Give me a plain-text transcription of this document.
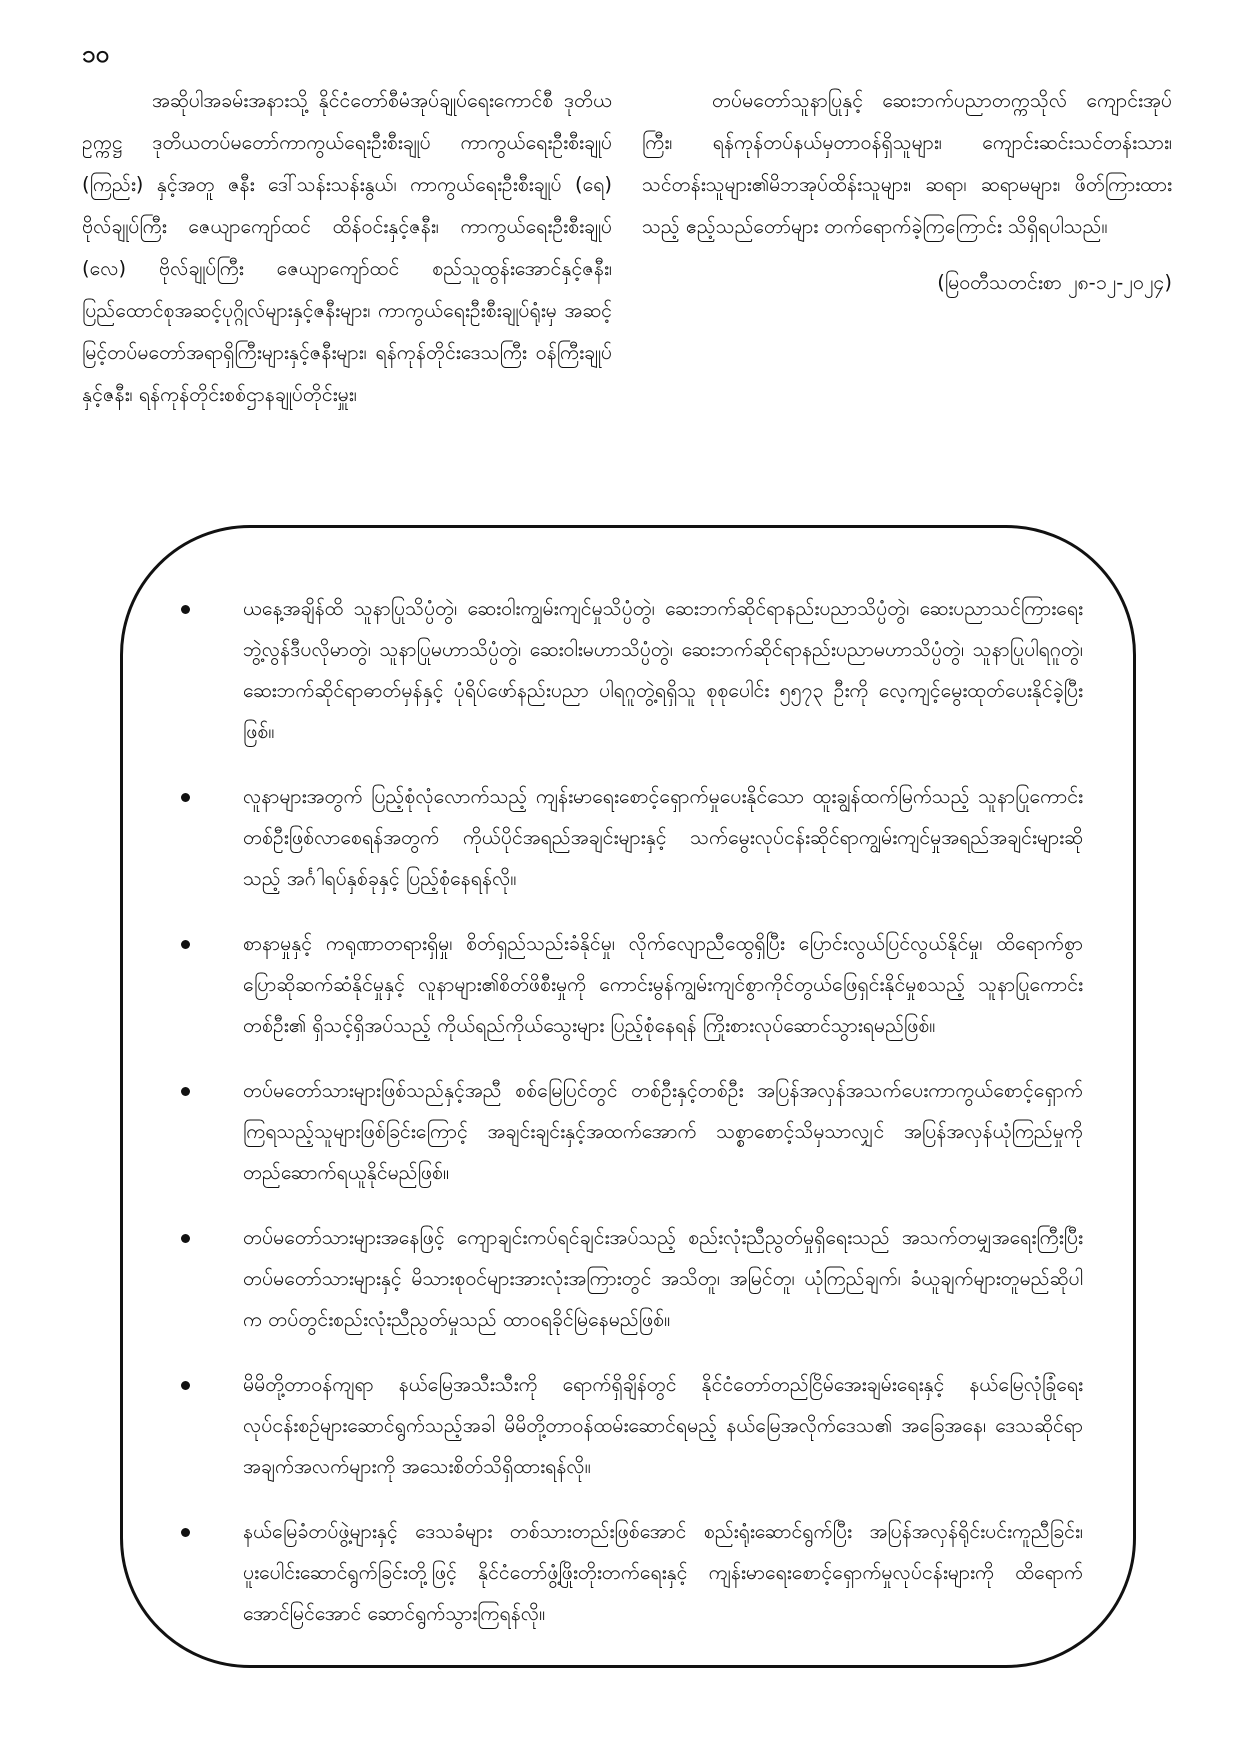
၁၀

အဆိုပါအခမ်းအနားသို့ နိုင်ငံတော်စီမံအုပ်ချုပ်ရေးကောင်စီ ဒုတိယဥက္ကဋ္ဌ ဒုတိယတပ်မတော်ကာကွယ်ရေးဦးစီးချုပ် ကာကွယ်ရေးဦးစီးချုပ် (ကြည်း) နှင့်အတူ ဇနီး ဒေါ်သန်းသန်းနွယ်၊ ကာကွယ်ရေးဦးစီးချုပ် (ရေ) ဗိုလ်ချုပ်ကြီး ဇေယျာကျော်ထင် ထိန်ဝင်းနှင့်ဇနီး၊ ကာကွယ်ရေးဦးစီးချုပ် (လေ) ဗိုလ်ချုပ်ကြီး ဇေယျာကျော်ထင် စည်သူထွန်းအောင်နှင့်ဇနီး၊ ပြည်ထောင်စုအဆင့်ပုဂ္ဂိုလ်များနှင့်ဇနီးများ၊ ကာကွယ်ရေးဦးစီးချုပ်ရုံးမှ အဆင့်မြင့်တပ်မတော်အရာရှိကြီးများနှင့်ဇနီးများ၊ ရန်ကုန်တိုင်းဒေသကြီး ဝန်ကြီးချုပ်နှင့်ဇနီး၊ ရန်ကုန်တိုင်းစစ်ဌာနချုပ်တိုင်းမှူး၊

တပ်မတော်သူနာပြုနှင့် ဆေးဘက်ပညာတက္ကသိုလ် ကျောင်းအုပ်ကြီး၊ ရန်ကုန်တပ်နယ်မှတာဝန်ရှိသူများ၊ ကျောင်းဆင်းသင်တန်းသား၊ သင်တန်းသူများ၏မိဘအုပ်ထိန်းသူများ၊ ဆရာ၊ ဆရာမများ၊ ဖိတ်ကြားထားသည့် ဧည့်သည်တော်များ တက်ရောက်ခဲ့ကြကြောင်း သိရှိရပါသည်။

(မြဝတီသတင်းစာ ၂၈-၁၂-၂၀၂၄)

ယနေ့အချိန်ထိ သူနာပြုသိပ္ပံတွဲ၊ ဆေးဝါးကျွမ်းကျင်မှုသိပ္ပံတွဲ၊ ဆေးဘက်ဆိုင်ရာနည်းပညာသိပ္ပံတွဲ၊ ဆေးပညာသင်ကြားရေး ဘွဲ့လွန်ဒီပလိုမာတွဲ၊ သူနာပြုမဟာသိပ္ပံတွဲ၊ ဆေးဝါးမဟာသိပ္ပံတွဲ၊ ဆေးဘက်ဆိုင်ရာနည်းပညာမဟာသိပ္ပံတွဲ၊ သူနာပြုပါရဂူတွဲ၊ ဆေးဘက်ဆိုင်ရာဓာတ်မှန်နှင့် ပုံရိပ်ဖော်နည်းပညာ ပါရဂူတွဲ့ရရှိသူ စုစုပေါင်း ၅၅၇၃ ဦးကို လေ့ကျင့်မွေးထုတ်ပေးနိုင်ခဲ့ပြီးဖြစ်။
လူနာများအတွက် ပြည့်စုံလုံလောက်သည့် ကျန်းမာရေးစောင့်ရှောက်မှုပေးနိုင်သော ထူးချွန်ထက်မြက်သည့် သူနာပြုကောင်းတစ်ဦးဖြစ်လာစေရန်အတွက် ကိုယ်ပိုင်အရည်အချင်းများနှင့် သက်မွေးလုပ်ငန်းဆိုင်ရာကျွမ်းကျင်မှုအရည်အချင်းများဆိုသည့် အင်္ဂါရပ်နှစ်ခုနှင့် ပြည့်စုံနေရန်လို။
စာနာမှုနှင့် ကရုဏာတရားရှိမှု၊ စိတ်ရှည်သည်းခံနိုင်မှု၊ လိုက်လျောညီထွေရှိပြီး ပြောင်းလွယ်ပြင်လွယ်နိုင်မှု၊ ထိရောက်စွာပြောဆိုဆက်ဆံနိုင်မှုနှင့် လူနာများ၏စိတ်ဖိစီးမှုကို ကောင်းမွန်ကျွမ်းကျင်စွာကိုင်တွယ်ဖြေရှင်းနိုင်မှုစသည့် သူနာပြုကောင်းတစ်ဦး၏ ရှိသင့်ရှိအပ်သည့် ကိုယ်ရည်ကိုယ်သွေးများ ပြည့်စုံနေရန် ကြိုးစားလုပ်ဆောင်သွားရမည်ဖြစ်။
တပ်မတော်သားများဖြစ်သည်နှင့်အညီ စစ်မြေပြင်တွင် တစ်ဦးနှင့်တစ်ဦး အပြန်အလှန်အသက်ပေးကာကွယ်စောင့်ရှောက်ကြရသည့်သူများဖြစ်ခြင်းကြောင့် အချင်းချင်းနှင့်အထက်အောက် သစ္စာစောင့်သိမှသာလျှင် အပြန်အလှန်ယုံကြည်မှုကို တည်ဆောက်ရယူနိုင်မည်ဖြစ်။
တပ်မတော်သားများအနေဖြင့် ကျောချင်းကပ်ရင်ချင်းအပ်သည့် စည်းလုံးညီညွတ်မှုရှိရေးသည် အသက်တမျှအရေးကြီးပြီး တပ်မတော်သားများနှင့် မိသားစုဝင်များအားလုံးအကြားတွင် အသိတူ၊ အမြင်တူ၊ ယုံကြည်ချက်၊ ခံယူချက်များတူမည်ဆိုပါက တပ်တွင်းစည်းလုံးညီညွတ်မှုသည် ထာဝရခိုင်မြဲနေမည်ဖြစ်။
မိမိတို့တာဝန်ကျရာ နယ်မြေအသီးသီးကို ရောက်ရှိချိန်တွင် နိုင်ငံတော်တည်ငြိမ်အေးချမ်းရေးနှင့် နယ်မြေလုံခြုံရေးလုပ်ငန်းစဉ်များဆောင်ရွက်သည့်အခါ မိမိတို့တာဝန်ထမ်းဆောင်ရမည့် နယ်မြေအလိုက်ဒေသ၏ အခြေအနေ၊ ဒေသဆိုင်ရာအချက်အလက်များကို အသေးစိတ်သိရှိထားရန်လို။
နယ်မြေခံတပ်ဖွဲ့များနှင့် ဒေသခံများ တစ်သားတည်းဖြစ်အောင် စည်းရုံးဆောင်ရွက်ပြီး အပြန်အလှန်ရိုင်းပင်းကူညီခြင်း၊ ပူးပေါင်းဆောင်ရွက်ခြင်းတို့ဖြင့် နိုင်ငံတော်ဖွံ့ဖြိုးတိုးတက်ရေးနှင့် ကျန်းမာရေးစောင့်ရှောက်မှုလုပ်ငန်းများကို ထိရောက်အောင်မြင်အောင် ဆောင်ရွက်သွားကြရန်လို။
